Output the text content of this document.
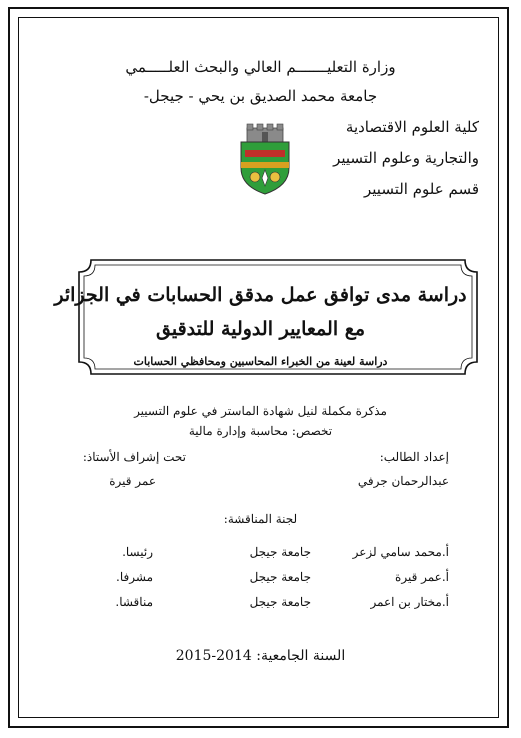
وزارة التعليـــــــم العالي والبحث العلـــــمي
جامعة محمد الصديق بن يحي - جيجل-
كلية العلوم الاقتصادية
والتجارية وعلوم التسيير
قسم علوم التسيير
دراسة مدى توافق عمل مدقق الحسابات في الجزائر
مع المعايير الدولية للتدقيق
دراسة لعينة من الخبراء المحاسبين ومحافظي الحسابات
مذكرة مكملة لنيل شهادة الماستر في علوم التسيير
تخصص: محاسبة وإدارة مالية
إعداد الطالب:
تحت إشراف الأستاذ:
عبدالرحمان جرفي
عمر قيرة
لجنة المناقشة:
أ.محمد سامي لزعر
جامعة جيجل
رئيسا.
أ.عمر قيرة
جامعة جيجل
مشرفا.
أ.مختار بن اعمر
جامعة جيجل
مناقشا.
السنة الجامعية: 2014-2015
